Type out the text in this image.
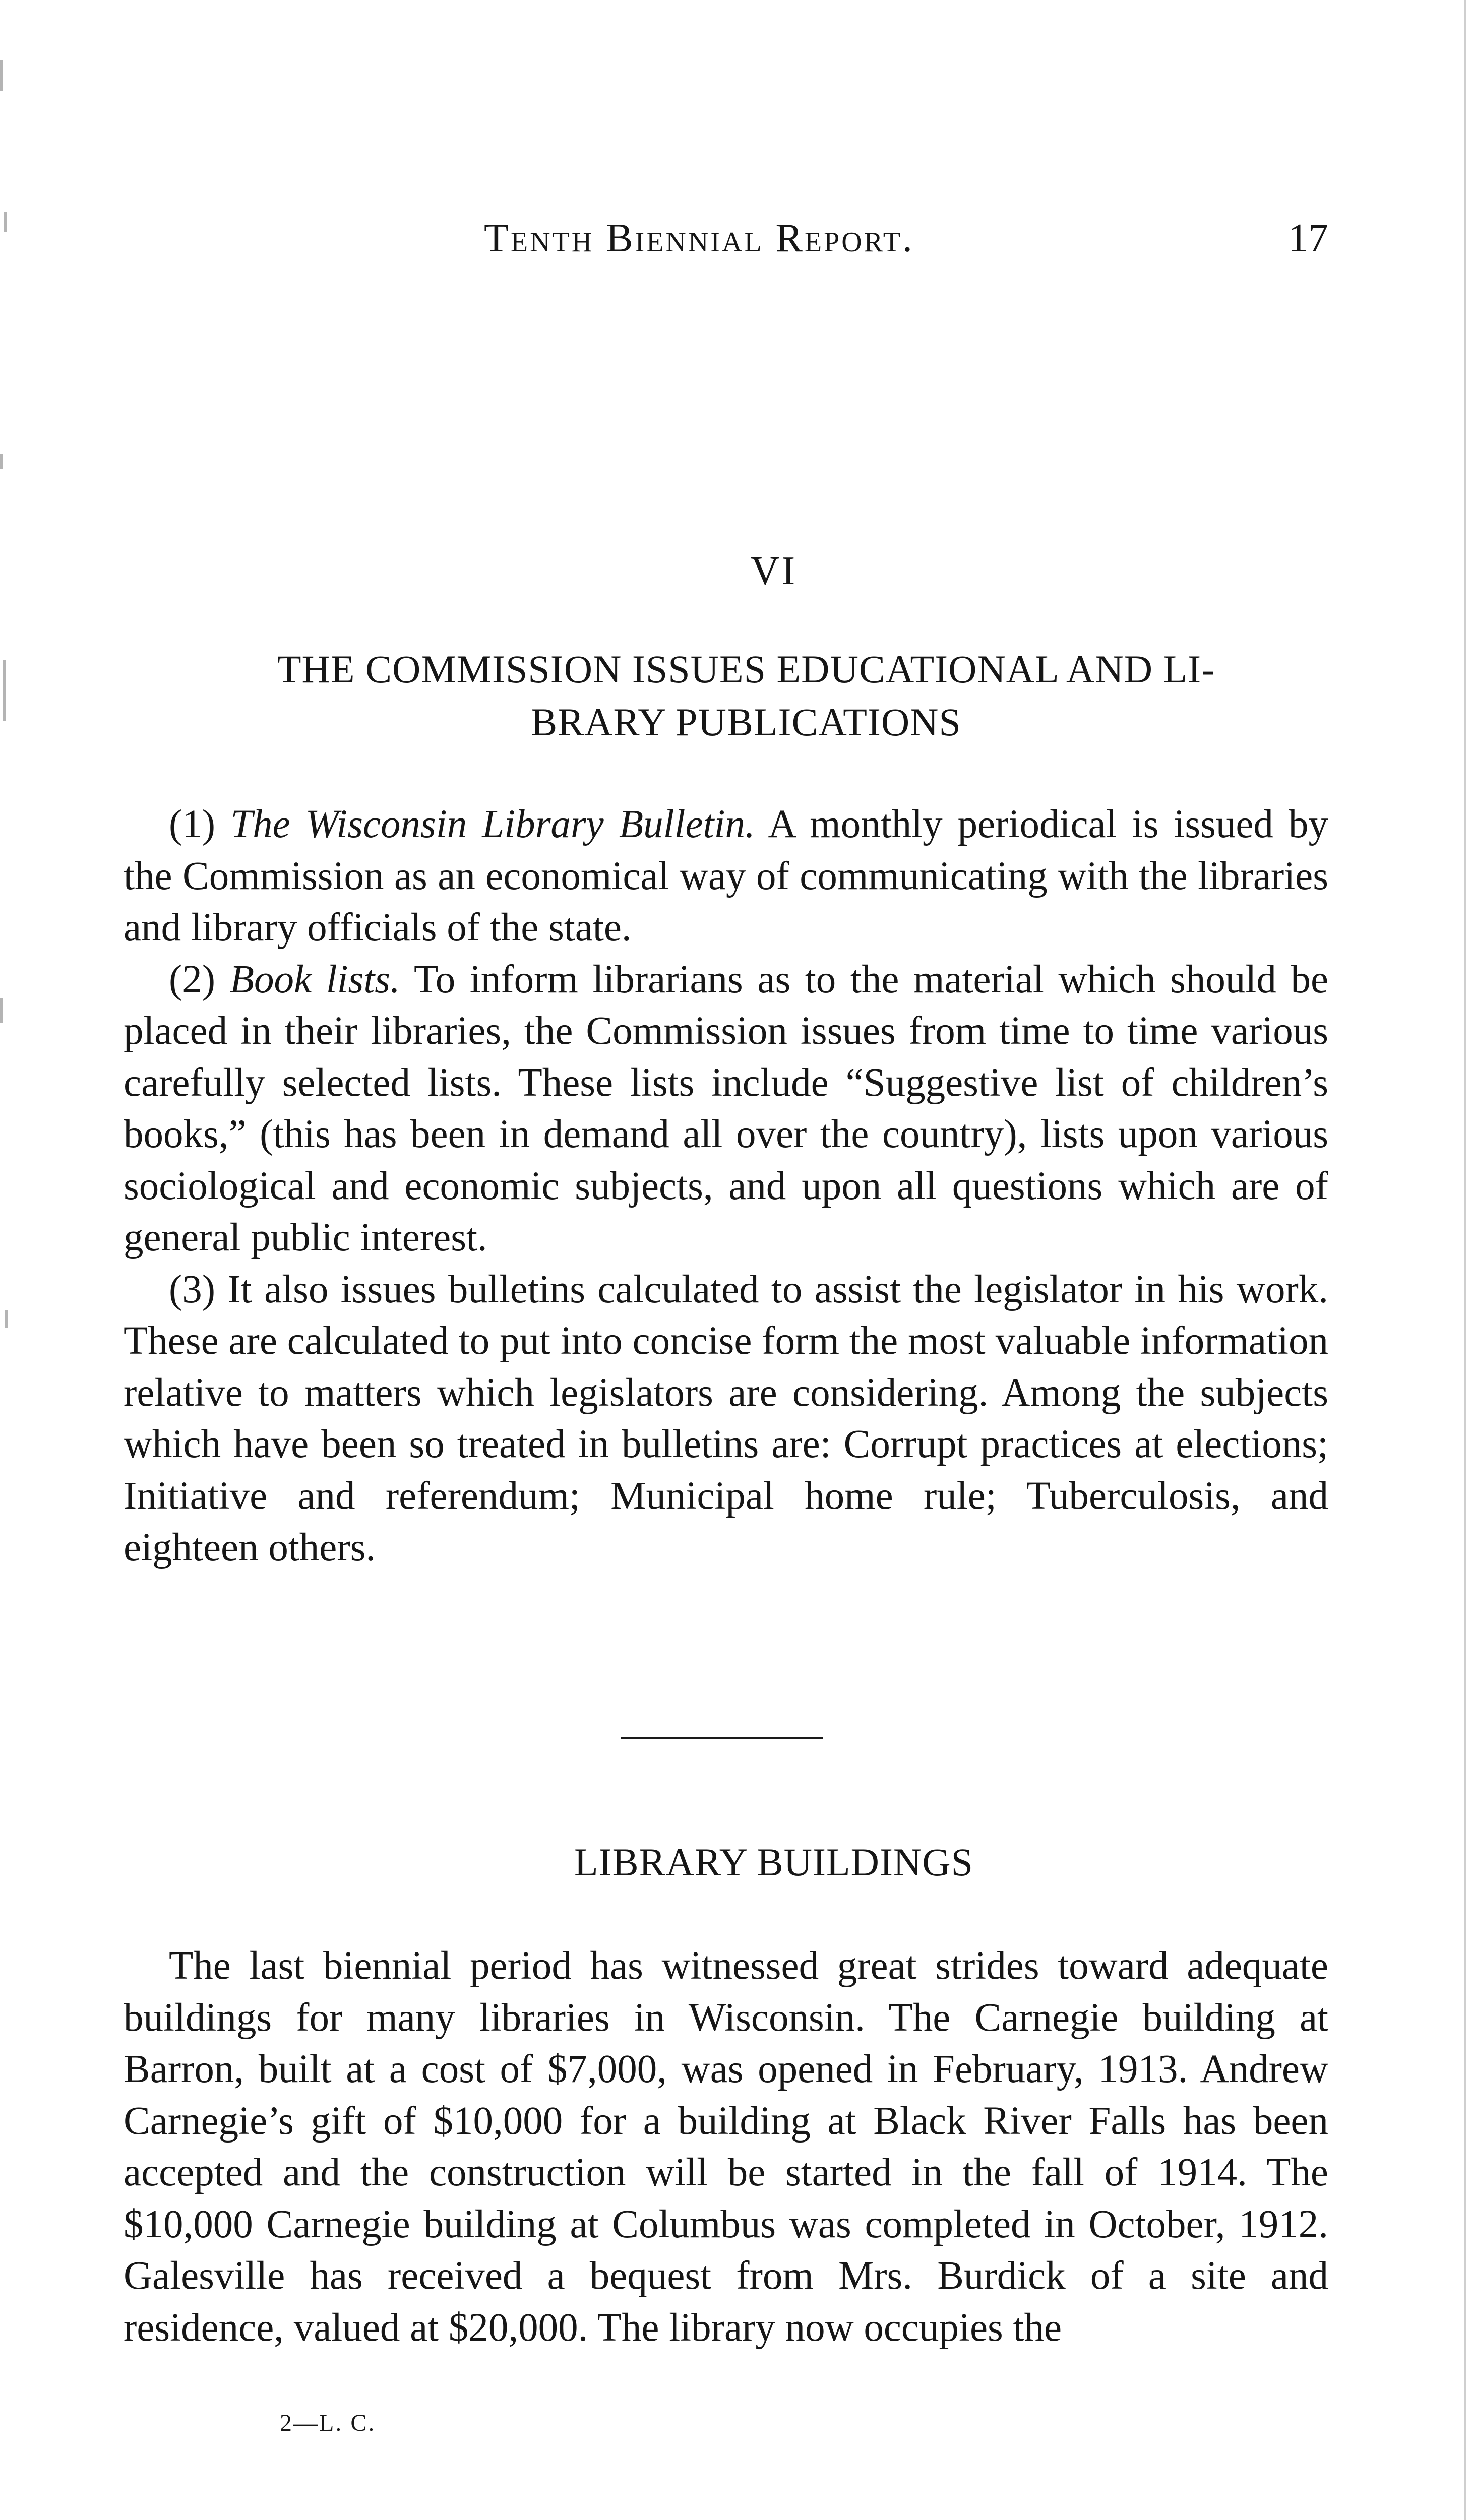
Tenth Biennial Report.	17
VI
THE COMMISSION ISSUES EDUCATIONAL AND LI-
BRARY PUBLICATIONS

(1) The Wisconsin Library Bulletin. A monthly periodical is issued by the Commission as an economical way of communicating with the libraries and library officials of the state.

(2) Book lists. To inform librarians as to the material which should be placed in their libraries, the Commission issues from time to time various carefully selected lists. These lists include “Suggestive list of children’s books,” (this has been in demand all over the country), lists upon various sociological and economic subjects, and upon all questions which are of general public interest.

(3) It also issues bulletins calculated to assist the legislator in his work. These are calculated to put into concise form the most valuable information relative to matters which legislators are considering. Among the subjects which have been so treated in bulletins are: Corrupt practices at elections; Initiative and referendum; Municipal home rule; Tuberculosis, and eighteen others.

LIBRARY BUILDINGS

The last biennial period has witnessed great strides toward adequate buildings for many libraries in Wisconsin. The Carnegie building at Barron, built at a cost of $7,000, was opened in February, 1913. Andrew Carnegie’s gift of $10,000 for a building at Black River Falls has been accepted and the construction will be started in the fall of 1914. The $10,000 Carnegie building at Columbus was completed in October, 1912. Galesville has received a bequest from Mrs. Burdick of a site and residence, valued at $20,000. The library now occupies the

2—L. C.
